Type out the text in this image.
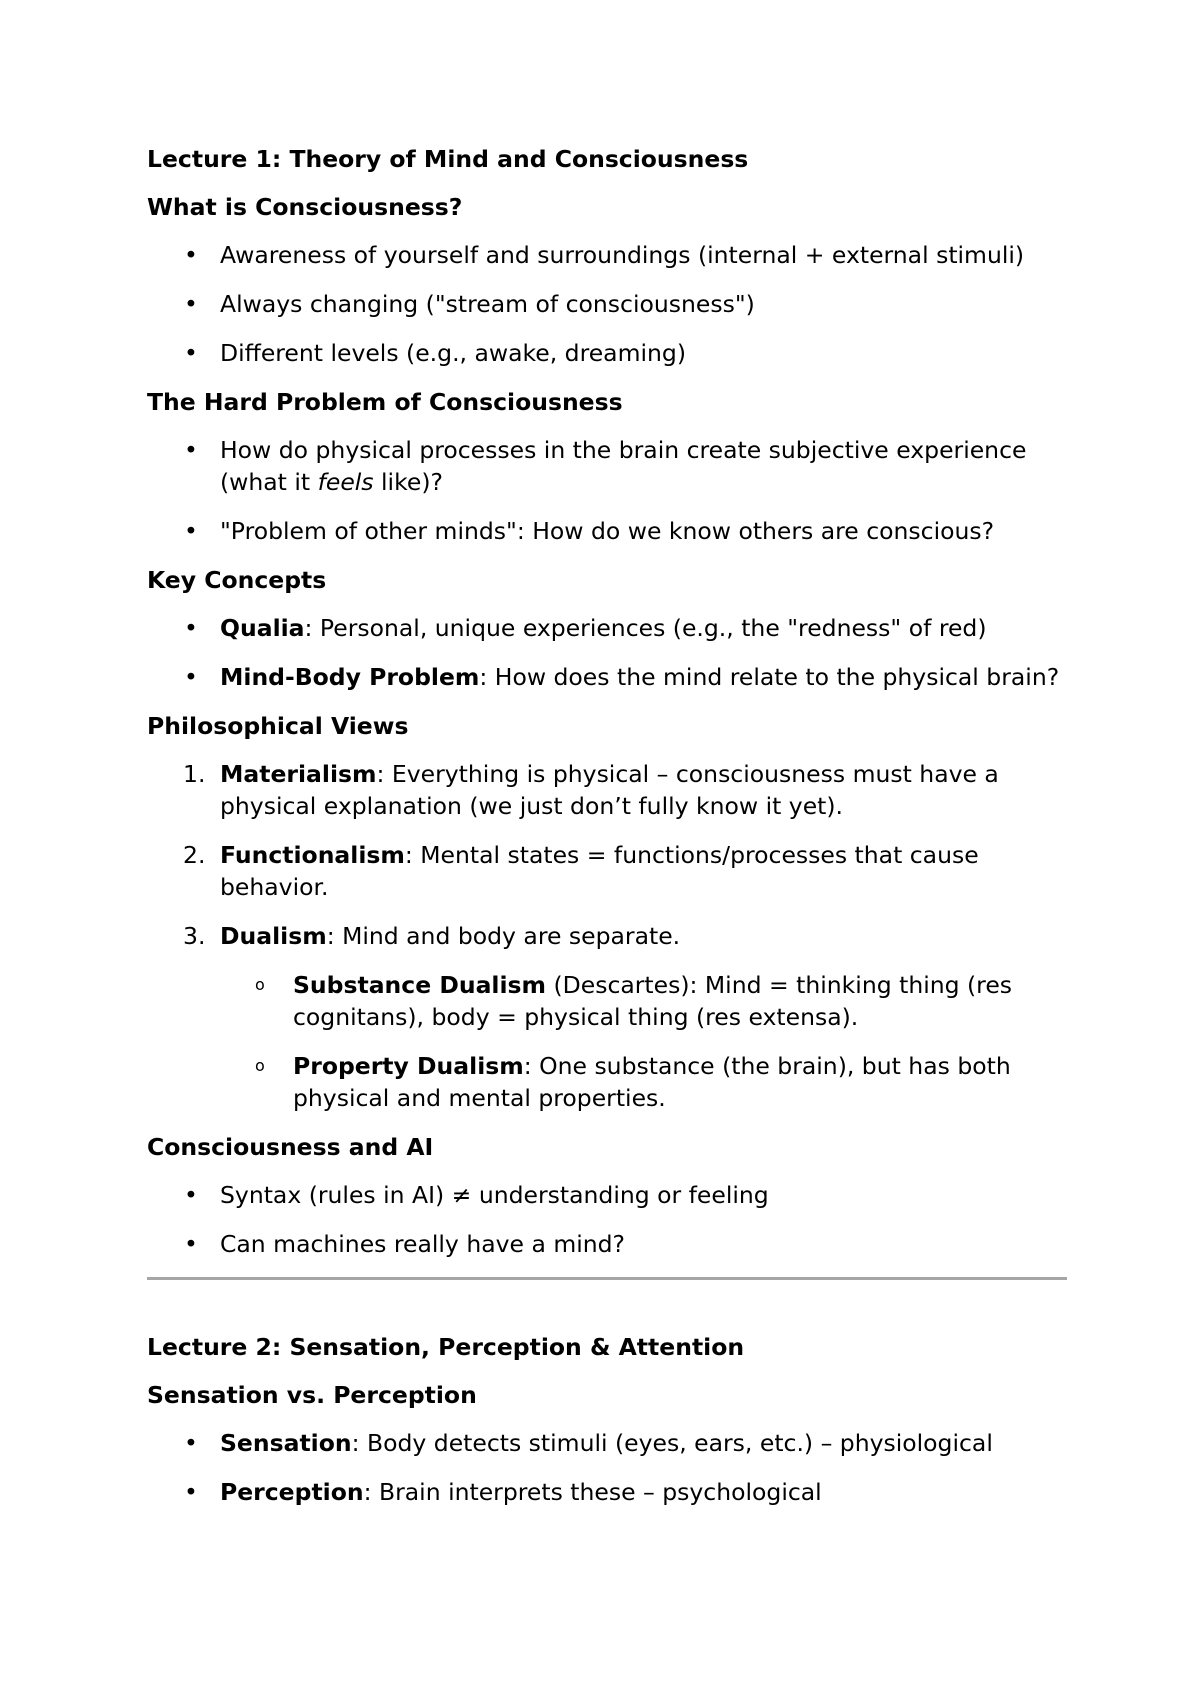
Lecture 1: Theory of Mind and Consciousness
What is Consciousness?
• Awareness of yourself and surroundings (internal + external stimuli)
• Always changing ("stream of consciousness")
• Different levels (e.g., awake, dreaming)
The Hard Problem of Consciousness
• How do physical processes in the brain create subjective experience (what it feels like)?
• "Problem of other minds": How do we know others are conscious?
Key Concepts
• Qualia: Personal, unique experiences (e.g., the "redness" of red)
• Mind-Body Problem: How does the mind relate to the physical brain?
Philosophical Views
1. Materialism: Everything is physical – consciousness must have a physical explanation (we just don’t fully know it yet).
2. Functionalism: Mental states = functions/processes that cause behavior.
3. Dualism: Mind and body are separate.
o	Substance Dualism (Descartes): Mind = thinking thing (res cognitans), body = physical thing (res extensa).
o	Property Dualism: One substance (the brain), but has both physical and mental properties.
Consciousness and AI
• Syntax (rules in AI) ≠ understanding or feeling
• Can machines really have a mind?
Lecture 2: Sensation, Perception & Attention
Sensation vs. Perception
• Sensation: Body detects stimuli (eyes, ears, etc.) – physiological
• Perception: Brain interprets these – psychological
